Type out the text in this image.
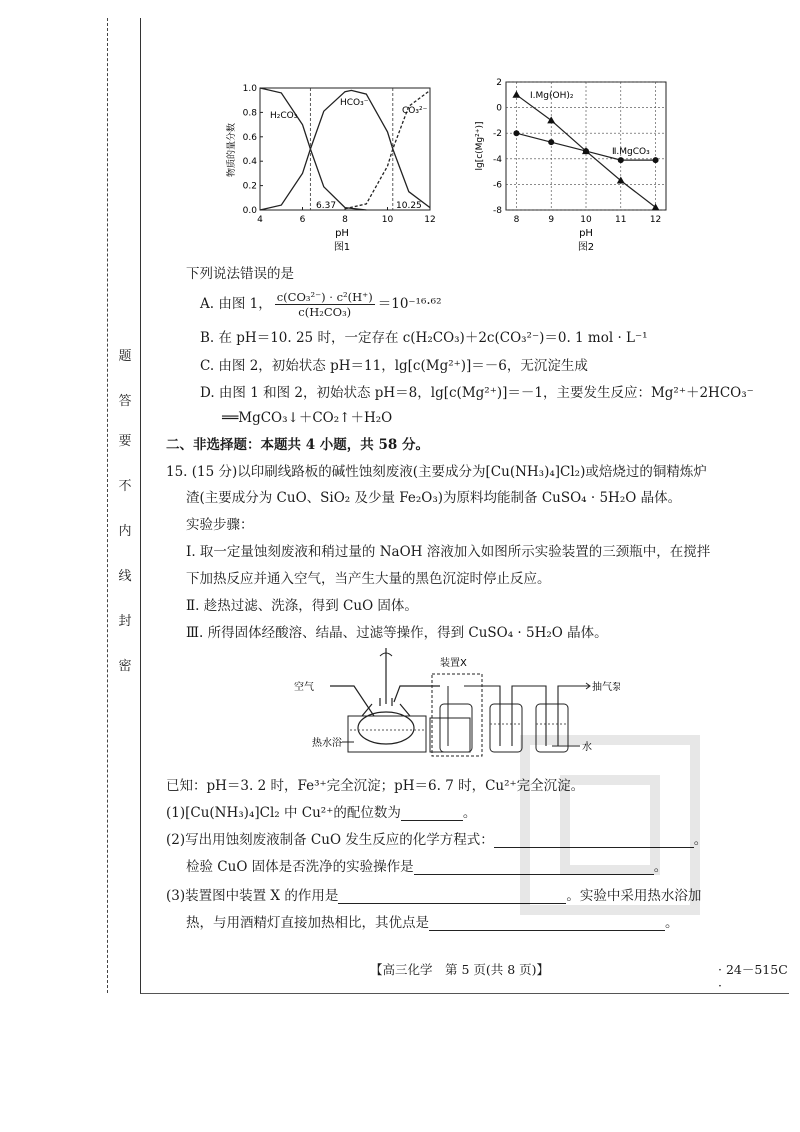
题
答
要
不
内
线
封
密
4	6	8	10	12
0.0
0.2
0.4
0.6
0.8
1.0
H₂CO₃
HCO₃⁻
CO₃²⁻
6.37	10.25
pH
图1
物质的量分数
8	9	10	11	12
2
0
-2
-4
-6
-8
Ⅰ.Mg(OH)₂
Ⅱ.MgCO₃
pH
图2
lg[c(Mg²⁺)]
下列说法错误的是
A. 由图 1， $\frac{\text{c(CO₃²⁻) · c²(H⁺)}}{\text{c(H₂CO₃)}} =10^{-16}\cdot^{62}$
B. 在 pH＝10. 25 时，一定存在 c(H₂CO₃)＋2c(CO₃²⁻)＝0. 1 mol · L⁻¹
C. 由图 2，初始状态 pH＝11，lg[c(Mg²⁺)]＝－6，无沉淀生成
D. 由图 1 和图 2，初始状态 pH＝8，lg[c(Mg²⁺)]＝－1，主要发生反应：Mg²⁺＋2HCO₃⁻
══MgCO₃↓＋CO₂↑＋H₂O
二、非选择题：本题共 4 小题，共 58 分。
15. (15 分)以印刷线路板的碱性蚀刻废液(主要成分为[Cu(NH₃)₄]Cl₂)或焙烧过的铜精炼炉
渣(主要成分为 CuO、SiO₂ 及少量 Fe₂O₃)为原料均能制备 CuSO₄ · 5H₂O 晶体。
实验步骤：
Ⅰ. 取一定量蚀刻废液和稍过量的 NaOH 溶液加入如图所示实验装置的三颈瓶中，在搅拌
下加热反应并通入空气，当产生大量的黑色沉淀时停止反应。
Ⅱ. 趁热过滤、洗涤，得到 CuO 固体。
Ⅲ. 所得固体经酸溶、结晶、过滤等操作，得到 CuSO₄ · 5H₂O 晶体。
空气
热水浴
装置X
抽气泵
水
已知：pH＝3. 2 时，Fe³⁺完全沉淀；pH＝6. 7 时，Cu²⁺完全沉淀。
(1)[Cu(NH₃)₄]Cl₂ 中 Cu²⁺的配位数为	。
(2)写出用蚀刻废液制备 CuO 发生反应的化学方程式：	。
检验 CuO 固体是否洗净的实验操作是	。
(3)装置图中装置 X 的作用是	。实验中采用热水浴加
热，与用酒精灯直接加热相比，其优点是	。
【高三化学　第 5 页(共 8 页)】	· 24－515C ·
